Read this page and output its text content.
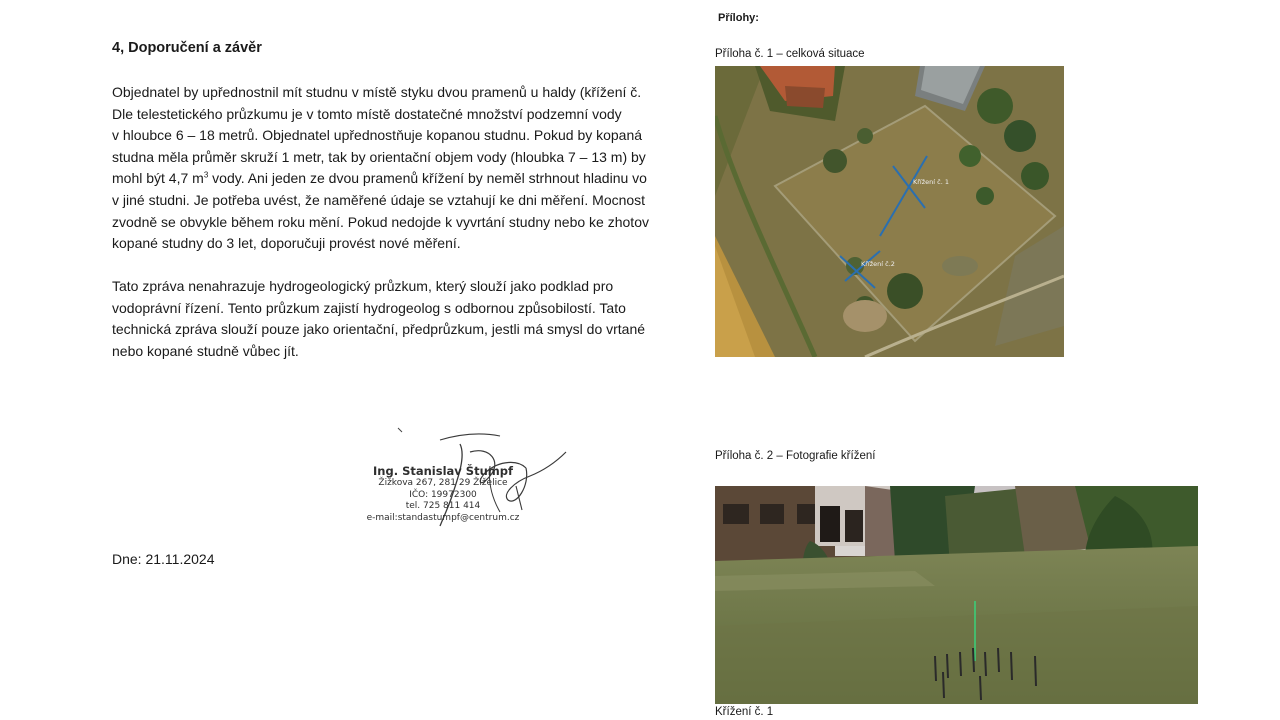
4, Doporučení a závěr

Objednatel by upřednostnil mít studnu v místě styku dvou pramenů u haldy (křížení č.
Dle telestetického průzkumu je v tomto místě dostatečné množství podzemní vody
v hloubce 6 – 18 metrů. Objednatel upřednostňuje kopanou studnu. Pokud by kopaná
studna měla průměr skruží 1 metr, tak by orientační objem vody (hloubka 7 – 13 m) by
mohl být 4,7 $m^3$ vody. Ani jeden ze dvou pramenů křížení by neměl strhnout hladinu vo
v jiné studni. Je potřeba uvést, že naměřené údaje se vztahují ke dni měření. Mocnost
zvodně se obvykle během roku mění. Pokud nedojde k vyvrtání studny nebo ke zhotov
kopané studny do 3 let, doporučuji provést nové měření.

Tato zpráva nenahrazuje hydrogeologický průzkum, který slouží jako podklad pro
vodoprávní řízení. Tento průzkum zajistí hydrogeolog s odbornou způsobilostí. Tato
technická zpráva slouží pouze jako orientační, předprůzkum, jestli má smysl do vrtané
nebo kopané studně vůbec jít.

Ing. Stanislav Štumpf
Žižkova 267, 281 29 Žiželice
IČO: 19972300
tel. 725 811 414
e-mail:standastumpf@centrum.cz
Dne: 21.11.2024
Přílohy:
Příloha č. 1 – celková situace
Křížení č. 1
Křížení č.2
Příloha č. 2 – Fotografie křížení
Křížení č. 1
